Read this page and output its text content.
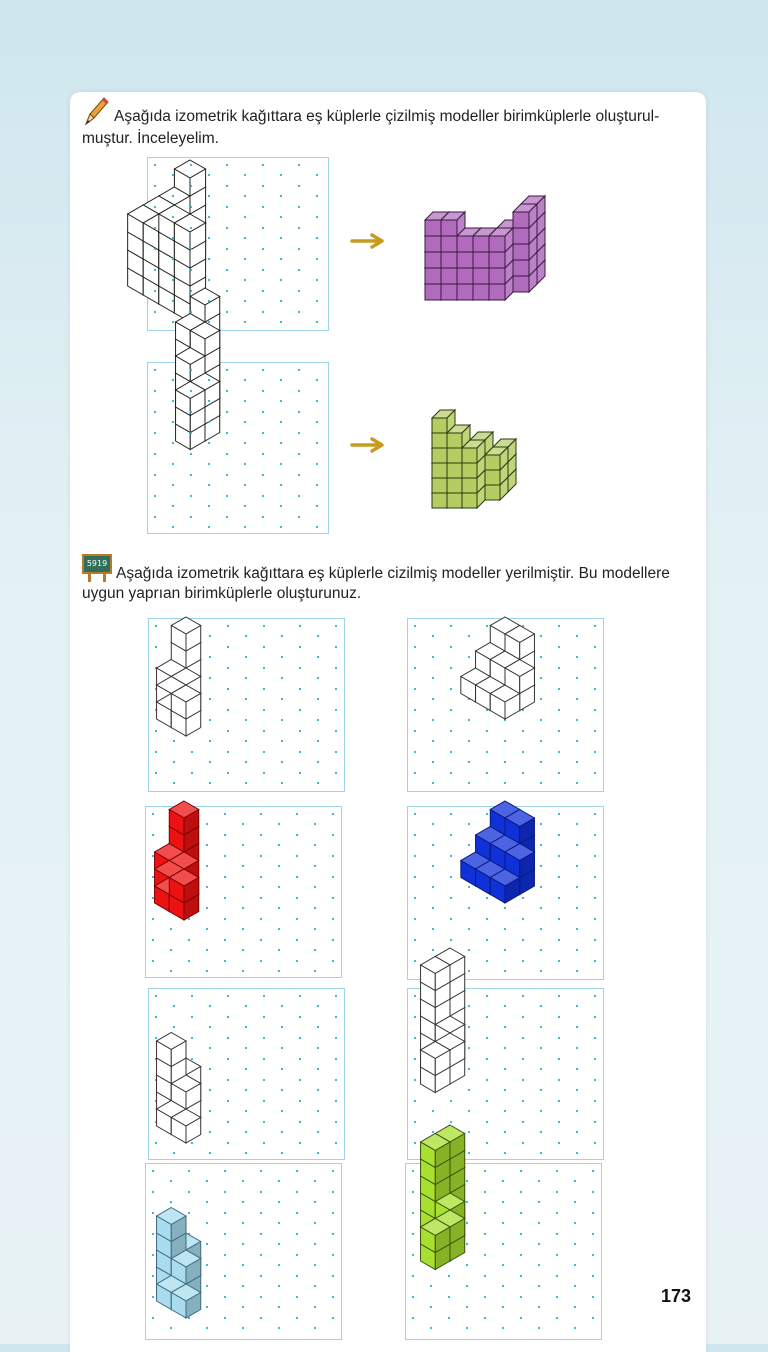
Aşağıda izometrik kağıttara eş küplerle çizilmiş modeller birimküplerle oluşturul-
muştur. İnceleyelim.
5919
Aşağıda izometrik kağıttara eş küplerle cizilmiş modeller yerilmiştir. Bu modellere
uygun yaprıan birimküplerle oluşturunuz.
173
